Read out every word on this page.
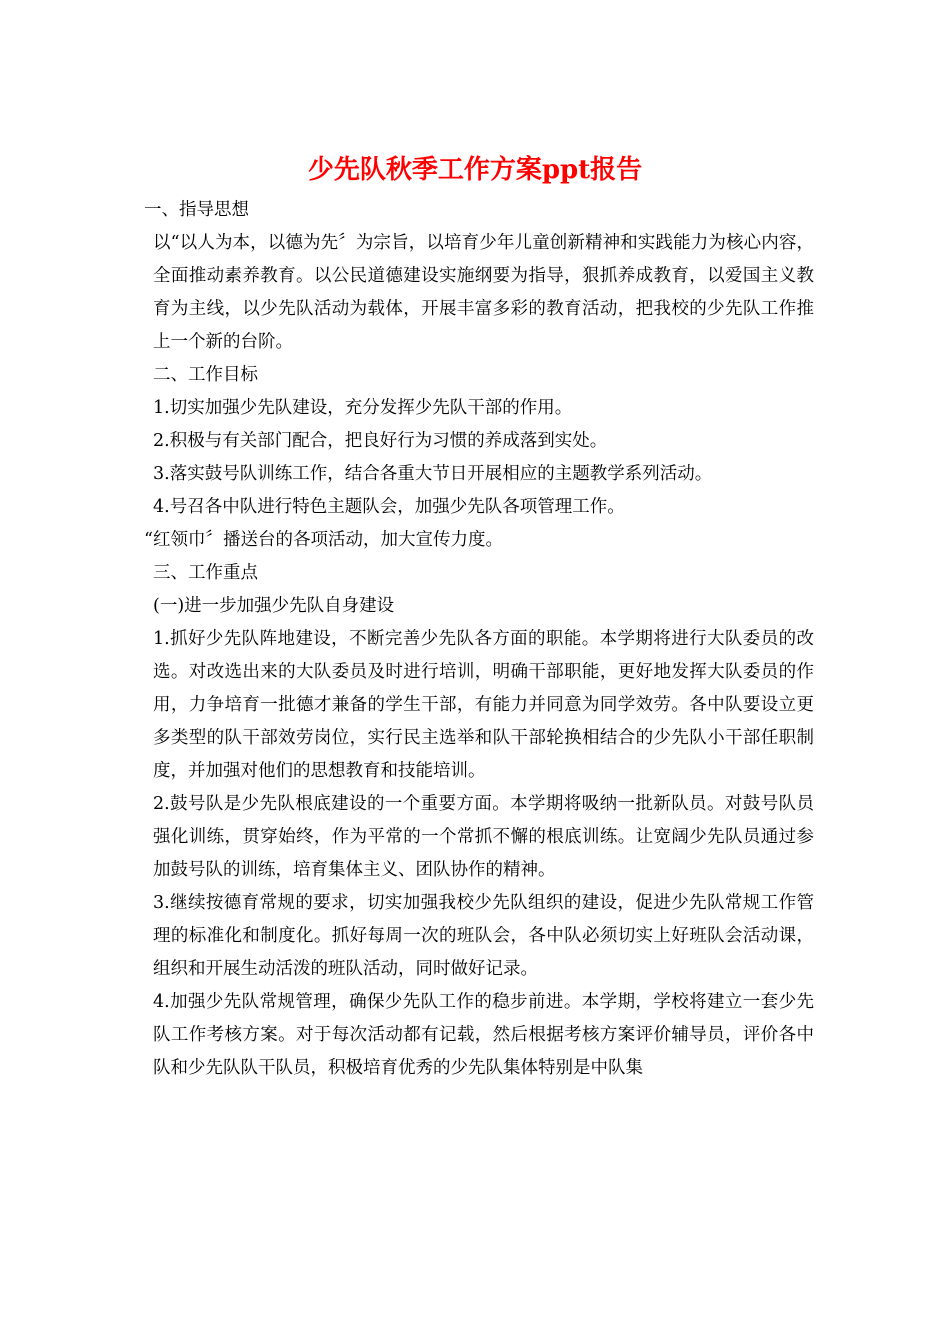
少先队秋季工作方案ppt报告

一、指导思想

以“以人为本，以德为先〞为宗旨，以培育少年儿童创新精神和实践能力为核心内容，全面推动素养教育。以公民道德建设实施纲要为指导，狠抓养成教育，以爱国主义教育为主线，以少先队活动为载体，开展丰富多彩的教育活动，把我校的少先队工作推上一个新的台阶。

二、工作目标

1.切实加强少先队建设，充分发挥少先队干部的作用。

2.积极与有关部门配合，把良好行为习惯的养成落到实处。

3.落实鼓号队训练工作，结合各重大节日开展相应的主题教学系列活动。

4.号召各中队进行特色主题队会，加强少先队各项管理工作。

“红领巾〞播送台的各项活动，加大宣传力度。

三、工作重点

(一)进一步加强少先队自身建设

1.抓好少先队阵地建设，不断完善少先队各方面的职能。本学期将进行大队委员的改选。对改选出来的大队委员及时进行培训，明确干部职能，更好地发挥大队委员的作用，力争培育一批德才兼备的学生干部，有能力并同意为同学效劳。各中队要设立更多类型的队干部效劳岗位，实行民主选举和队干部轮换相结合的少先队小干部任职制度，并加强对他们的思想教育和技能培训。

2.鼓号队是少先队根底建设的一个重要方面。本学期将吸纳一批新队员。对鼓号队员强化训练，贯穿始终，作为平常的一个常抓不懈的根底训练。让宽阔少先队员通过参加鼓号队的训练，培育集体主义、团队协作的精神。

3.继续按德育常规的要求，切实加强我校少先队组织的建设，促进少先队常规工作管理的标准化和制度化。抓好每周一次的班队会，各中队必须切实上好班队会活动课，组织和开展生动活泼的班队活动，同时做好记录。

4.加强少先队常规管理，确保少先队工作的稳步前进。本学期，学校将建立一套少先队工作考核方案。对于每次活动都有记载，然后根据考核方案评价辅导员，评价各中队和少先队队干队员，积极培育优秀的少先队集体特别是中队集
